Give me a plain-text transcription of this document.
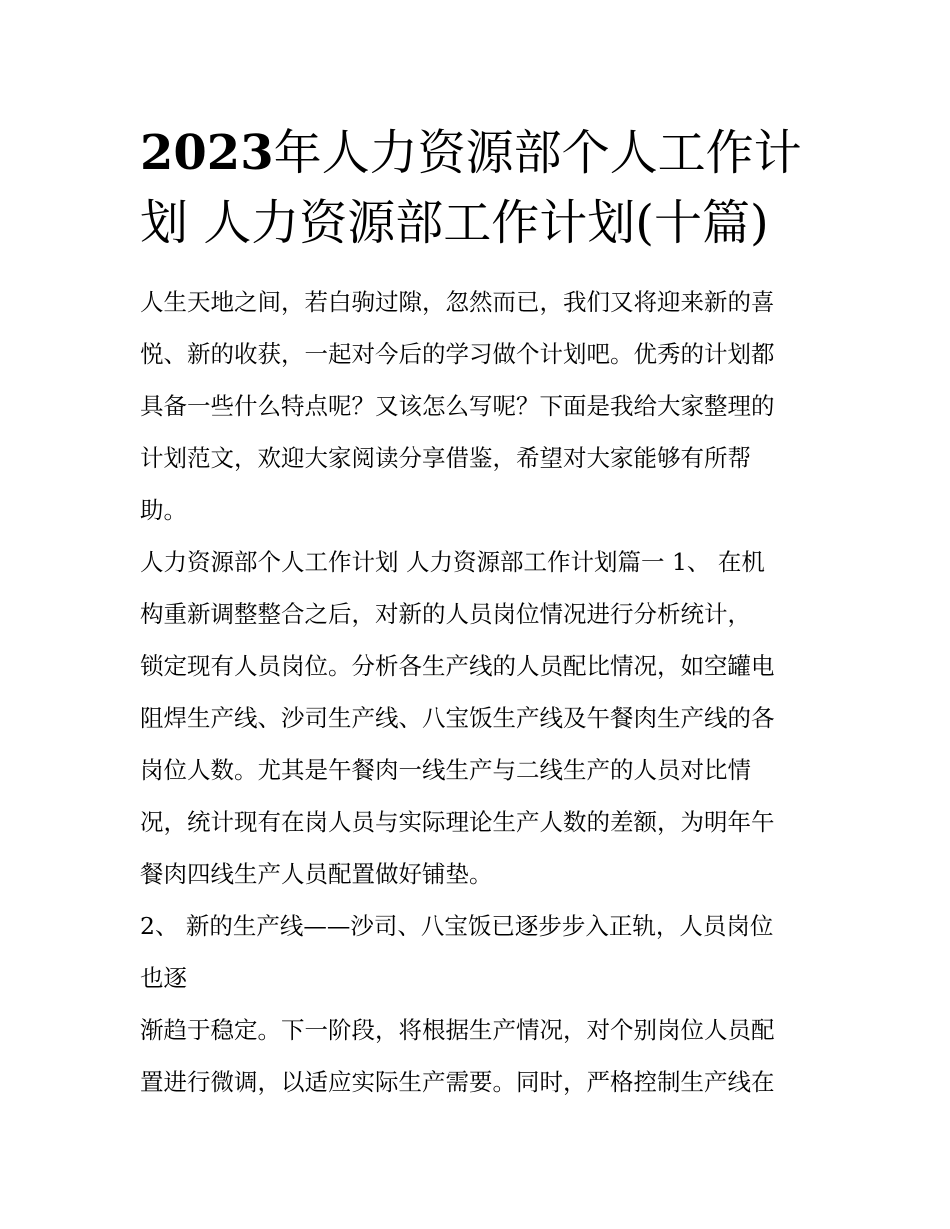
2023年人力资源部个人工作计
划 人力资源部工作计划(十篇)
人生天地之间，若白驹过隙，忽然而已，我们又将迎来新的喜
悦、新的收获，一起对今后的学习做个计划吧。优秀的计划都
具备一些什么特点呢？又该怎么写呢？下面是我给大家整理的
计划范文，欢迎大家阅读分享借鉴，希望对大家能够有所帮
助。
人力资源部个人工作计划 人力资源部工作计划篇一 1、 在机
构重新调整整合之后，对新的人员岗位情况进行分析统计，
锁定现有人员岗位。分析各生产线的人员配比情况，如空罐电
阻焊生产线、沙司生产线、八宝饭生产线及午餐肉生产线的各
岗位人数。尤其是午餐肉一线生产与二线生产的人员对比情
况，统计现有在岗人员与实际理论生产人数的差额，为明年午
餐肉四线生产人员配置做好铺垫。
2、 新的生产线——沙司、八宝饭已逐步步入正轨，人员岗位
也逐
渐趋于稳定。下一阶段，将根据生产情况，对个别岗位人员配
置进行微调，以适应实际生产需要。同时，严格控制生产线在
